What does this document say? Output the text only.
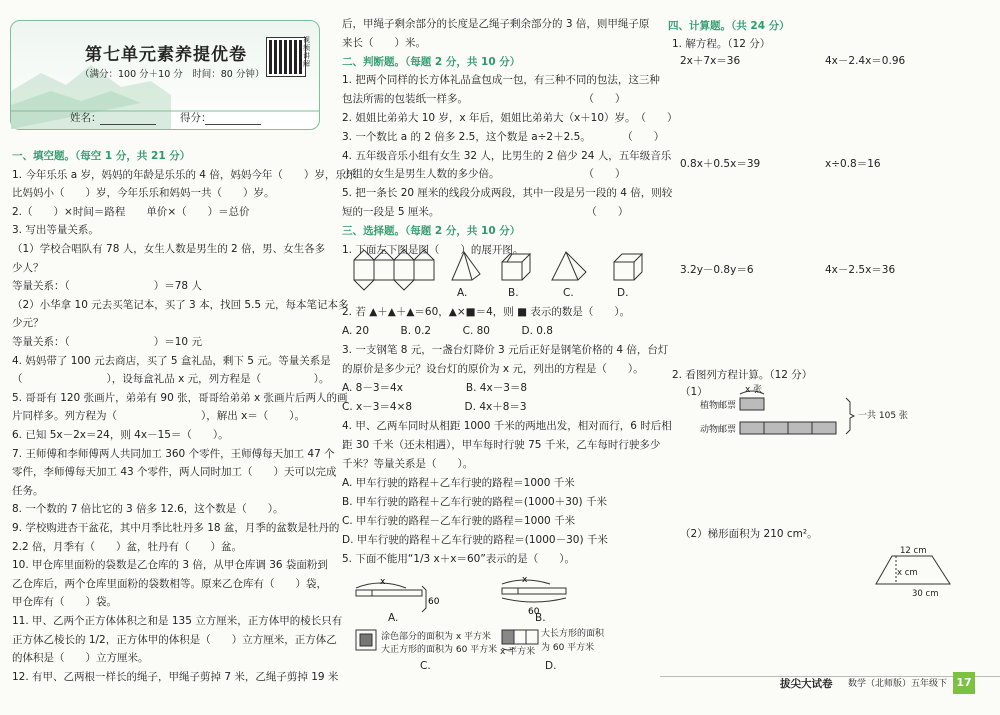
第七单元素养提优卷
（满分：100 分＋10 分　时间：80 分钟）
视频讲解
姓名：	得分：
一、填空题。（每空 1 分，共 21 分）
1. 今年乐乐 a 岁，妈妈的年龄是乐乐的 4 倍，妈妈今年（　　）岁，乐乐
比妈妈小（　　）岁，今年乐乐和妈妈一共（　　）岁。
2.（　　）×时间＝路程　　单价×（　　）＝总价
3. 写出等量关系。
（1）学校合唱队有 78 人，女生人数是男生的 2 倍，男、女生各多
少人？
等量关系：（　　　　　　　　）＝78 人
（2）小华拿 10 元去买笔记本，买了 3 本，找回 5.5 元，每本笔记本多
少元？
等量关系：（　　　　　　　　）＝10 元
4. 妈妈带了 100 元去商店，买了 5 盒礼品，剩下 5 元。等量关系是
（　　　　　　　　），设每盒礼品 x 元，列方程是（　　　　　）。
5. 哥哥有 120 张画片，弟弟有 90 张，哥哥给弟弟 x 张画片后两人的画
片同样多。列方程为（　　　　　　　　），解出 x＝（　　）。
6. 已知 5x－2x＝24，则 4x－15＝（　　）。
7. 王师傅和李师傅两人共同加工 360 个零件，王师傅每天加工 47 个
零件，李师傅每天加工 43 个零件，两人同时加工（　　）天可以完成
任务。
8. 一个数的 7 倍比它的 3 倍多 12.6，这个数是（　　）。
9. 学校购进杏干盆花，其中月季比牡丹多 18 盆，月季的盆数是牡丹的
2.2 倍，月季有（　　）盆，牡丹有（　　）盆。
10. 甲仓库里面粉的袋数是乙仓库的 3 倍，从甲仓库调 36 袋面粉到
乙仓库后，两个仓库里面粉的袋数相等。原来乙仓库有（　　）袋，
甲仓库有（　　）袋。
11. 甲、乙两个正方体体积之和是 135 立方厘米，正方体甲的棱长只有
正方体乙棱长的 1/2，正方体甲的体积是（　　）立方厘米，正方体乙
的体积是（　　）立方厘米。
12. 有甲、乙两根一样长的绳子，甲绳子剪掉 7 米，乙绳子剪掉 19 米
后，甲绳子剩余部分的长度是乙绳子剩余部分的 3 倍，则甲绳子原
来长（　　）米。
二、判断题。（每题 2 分，共 10 分）
1. 把两个同样的长方体礼品盒包成一包，有三种不同的包法，这三种
包法所需的包装纸一样多。　　　　　　　　　　　　（　　）
2. 姐姐比弟弟大 10 岁，x 年后，姐姐比弟弟大（x＋10）岁。　（　　）
3. 一个数比 a 的 2 倍多 2.5，这个数是 a÷2＋2.5。　　　　（　　）
4. 五年级音乐小组有女生 32 人，比男生的 2 倍少 24 人，五年级音乐
小组的女生是男生人数的多少倍。　　　　　　　　　（　　）
5. 把一条长 20 厘米的线段分成两段，其中一段是另一段的 4 倍，则较
短的一段是 5 厘米。　　　　　　　　　　　　　　　（　　）
三、选择题。（每题 2 分，共 10 分）
1. 下面左下图是图（　　）的展开图。
A.	B.	C.	D.
2. 若 ▲＋▲＋▲＝60，▲×■＝4，则 ■ 表示的数是（　　）。
A. 20　　　B. 0.2　　　C. 80　　　D. 0.8
3. 一支钢笔 8 元，一盏台灯降价 3 元后正好是钢笔价格的 4 倍，台灯
的原价是多少元？设台灯的原价为 x 元，列出的方程是（　　）。
A. 8－3＝4x　　　　　　B. 4x－3＝8
C. x－3＝4×8　　　　　D. 4x＋8＝3
4. 甲、乙两车同时从相距 1000 千米的两地出发，相对而行，6 时后相
距 30 千米（还未相遇），甲车每时行驶 75 千米，乙车每时行驶多少
千米？等量关系是（　　）。
A. 甲车行驶的路程＋乙车行驶的路程＝1000 千米
B. 甲车行驶的路程＋乙车行驶的路程＝(1000＋30) 千米
C. 甲车行驶的路程－乙车行驶的路程＝1000 千米
D. 甲车行驶的路程＋乙车行驶的路程＝(1000－30) 千米
5. 下面不能用“1/3 x＋x＝60”表示的是（　　）。
x
60
x
60
A.	B.
涂色部分的面积为 x 平方米
大正方形的面积为 60 平方米
C.
大长方形的面积
为 60 平方米
x 平方米
D.
四、计算题。（共 24 分）
1. 解方程。（12 分）
2x＋7x＝36	4x－2.4x＝0.96
0.8x＋0.5x＝39	x÷0.8＝16
3.2y－0.8y＝6	4x－2.5x＝36
2. 看图列方程计算。（12 分）
（1）	x 张
植物邮票
动物邮票
一共 105 张
（2）梯形面积为 210 cm²。
12 cm
x cm
30 cm
拔尖大试卷 数学（北师版）五年级下 17
